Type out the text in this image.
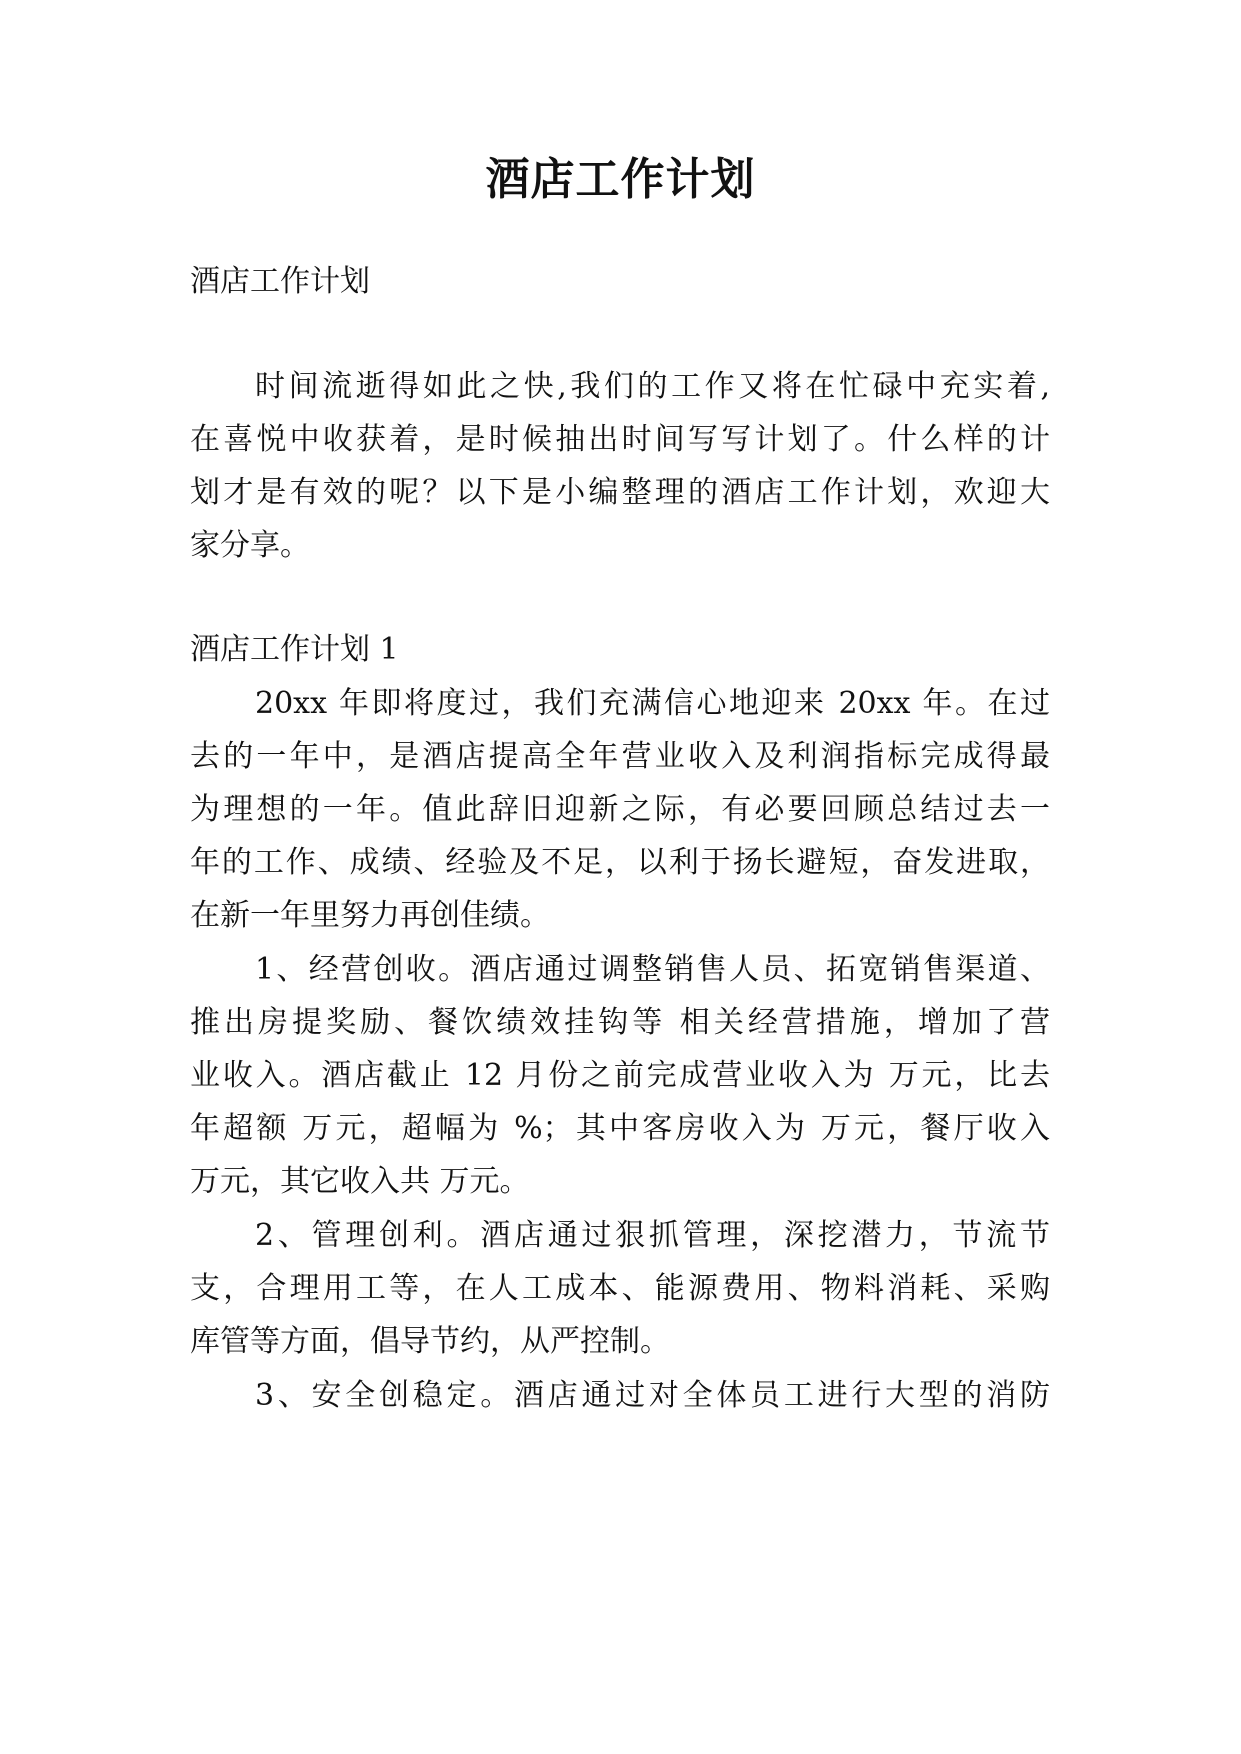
酒店工作计划

酒店工作计划

时间流逝得如此之快,我们的工作又将在忙碌中充实着,

在喜悦中收获着，是时候抽出时间写写计划了。什么样的计

划才是有效的呢？以下是小编整理的酒店工作计划，欢迎大

家分享。

酒店工作计划 1

20xx 年即将度过，我们充满信心地迎来 20xx 年。在过

去的一年中，是酒店提高全年营业收入及利润指标完成得最

为理想的一年。值此辞旧迎新之际，有必要回顾总结过去一

年的工作、成绩、经验及不足，以利于扬长避短，奋发进取，

在新一年里努力再创佳绩。

1、经营创收。酒店通过调整销售人员、拓宽销售渠道、

推出房提奖励、餐饮绩效挂钩等 相关经营措施，增加了营

业收入。酒店截止 12 月份之前完成营业收入为 万元，比去

年超额 万元，超幅为 %；其中客房收入为 万元，餐厅收入

万元，其它收入共 万元。

2、管理创利。酒店通过狠抓管理，深挖潜力，节流节

支，合理用工等，在人工成本、能源费用、物料消耗、采购

库管等方面，倡导节约，从严控制。

3、安全创稳定。酒店通过对全体员工进行大型的消防
